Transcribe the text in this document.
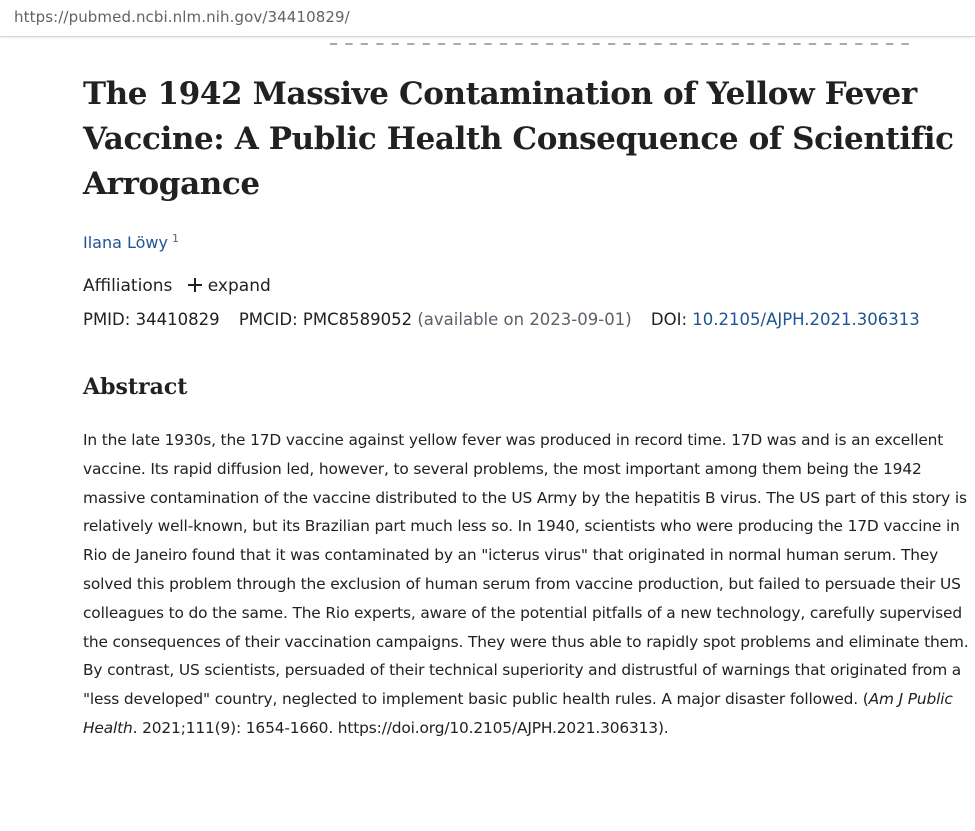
https://pubmed.ncbi.nlm.nih.gov/34410829/
_ _ _ _ _ _ _ _ _ _ _ _ _ _ _ _ _ _ _ _ _ _ _ _ _ _ _ _ _ _ _ _ _ _ _ _ _ _
The 1942 Massive Contamination of Yellow Fever Vaccine: A Public Health Consequence of Scientific Arrogance
Ilana Löwy $^1$
Affiliations expand
PMID: 34410829 PMCID: PMC8589052 (available on 2023-09-01) DOI: 10.2105/AJPH.2021.306313
Abstract

In the late 1930s, the 17D vaccine against yellow fever was produced in record time. 17D was and is an excellent vaccine. Its rapid diffusion led, however, to several problems, the most important among them being the 1942 massive contamination of the vaccine distributed to the US Army by the hepatitis B virus. The US part of this story is relatively well-known, but its Brazilian part much less so. In 1940, scientists who were producing the 17D vaccine in Rio de Janeiro found that it was contaminated by an "icterus virus" that originated in normal human serum. They solved this problem through the exclusion of human serum from vaccine production, but failed to persuade their US colleagues to do the same. The Rio experts, aware of the potential pitfalls of a new technology, carefully supervised the consequences of their vaccination campaigns. They were thus able to rapidly spot problems and eliminate them. By contrast, US scientists, persuaded of their technical superiority and distrustful of warnings that originated from a "less developed" country, neglected to implement basic public health rules. A major disaster followed. (Am J Public Health. 2021;111(9): 1654-1660. https://doi.org/10.2105/AJPH.2021.306313).
